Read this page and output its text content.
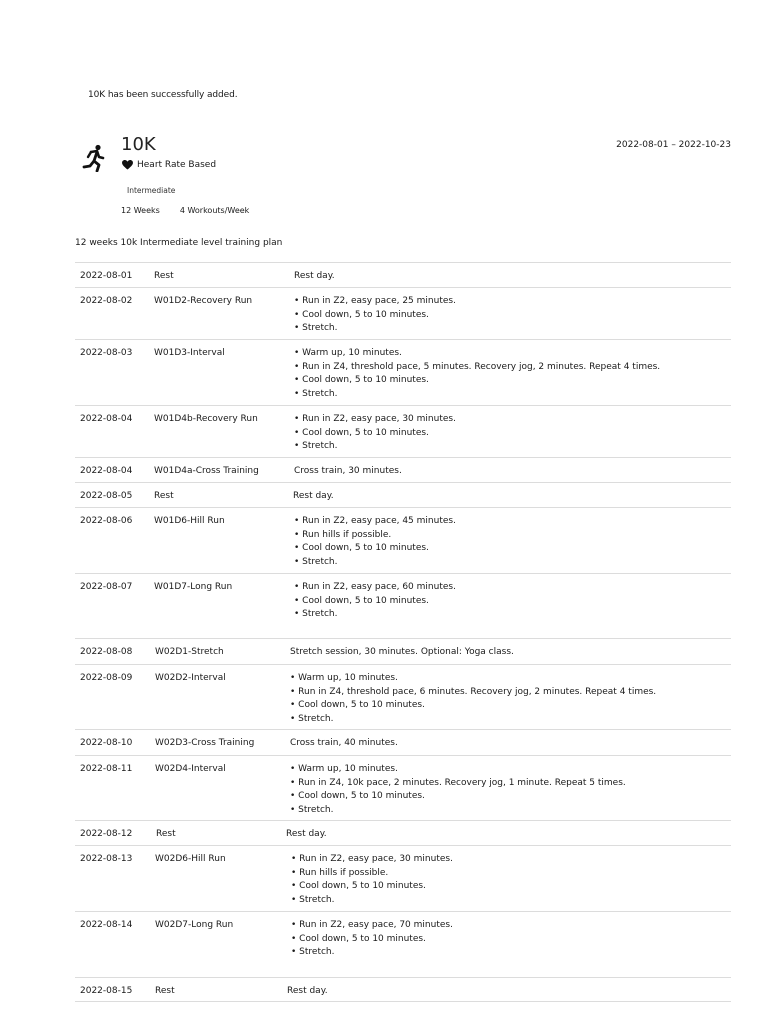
10K has been successfully added.
10K	2022-08-01 – 2022-10-23
Heart Rate Based
Intermediate
12 Weeks	4 Workouts/Week
12 weeks 10k Intermediate level training plan
2022-08-01 Rest	Rest day.
2022-08-02 W01D2-Recovery Run	• Run in Z2, easy pace, 25 minutes.
• Cool down, 5 to 10 minutes.
• Stretch.
2022-08-03 W01D3-Interval	• Warm up, 10 minutes.
• Run in Z4, threshold pace, 5 minutes. Recovery jog, 2 minutes. Repeat 4 times.
• Cool down, 5 to 10 minutes.
• Stretch.
2022-08-04 W01D4b-Recovery Run	• Run in Z2, easy pace, 30 minutes.
• Cool down, 5 to 10 minutes.
• Stretch.
2022-08-04 W01D4a-Cross Training	Cross train, 30 minutes.
2022-08-05 Rest	Rest day.
2022-08-06 W01D6-Hill Run	• Run in Z2, easy pace, 45 minutes.
• Run hills if possible.
• Cool down, 5 to 10 minutes.
• Stretch.
2022-08-07 W01D7-Long Run	• Run in Z2, easy pace, 60 minutes.
• Cool down, 5 to 10 minutes.
• Stretch.
2022-08-08	W02D1-Stretch	Stretch session, 30 minutes. Optional: Yoga class.
2022-08-09	W02D2-Interval	• Warm up, 10 minutes.
• Run in Z4, threshold pace, 6 minutes. Recovery jog, 2 minutes. Repeat 4 times.
• Cool down, 5 to 10 minutes.
• Stretch.
2022-08-10	W02D3-Cross Training	Cross train, 40 minutes.
2022-08-11	W02D4-Interval	• Warm up, 10 minutes.
• Run in Z4, 10k pace, 2 minutes. Recovery jog, 1 minute. Repeat 5 times.
• Cool down, 5 to 10 minutes.
• Stretch.
2022-08-12	Rest	Rest day.
2022-08-13	W02D6-Hill Run	• Run in Z2, easy pace, 30 minutes.
• Run hills if possible.
• Cool down, 5 to 10 minutes.
• Stretch.
2022-08-14	W02D7-Long Run	• Run in Z2, easy pace, 70 minutes.
• Cool down, 5 to 10 minutes.
• Stretch.
2022-08-15	Rest	Rest day.
